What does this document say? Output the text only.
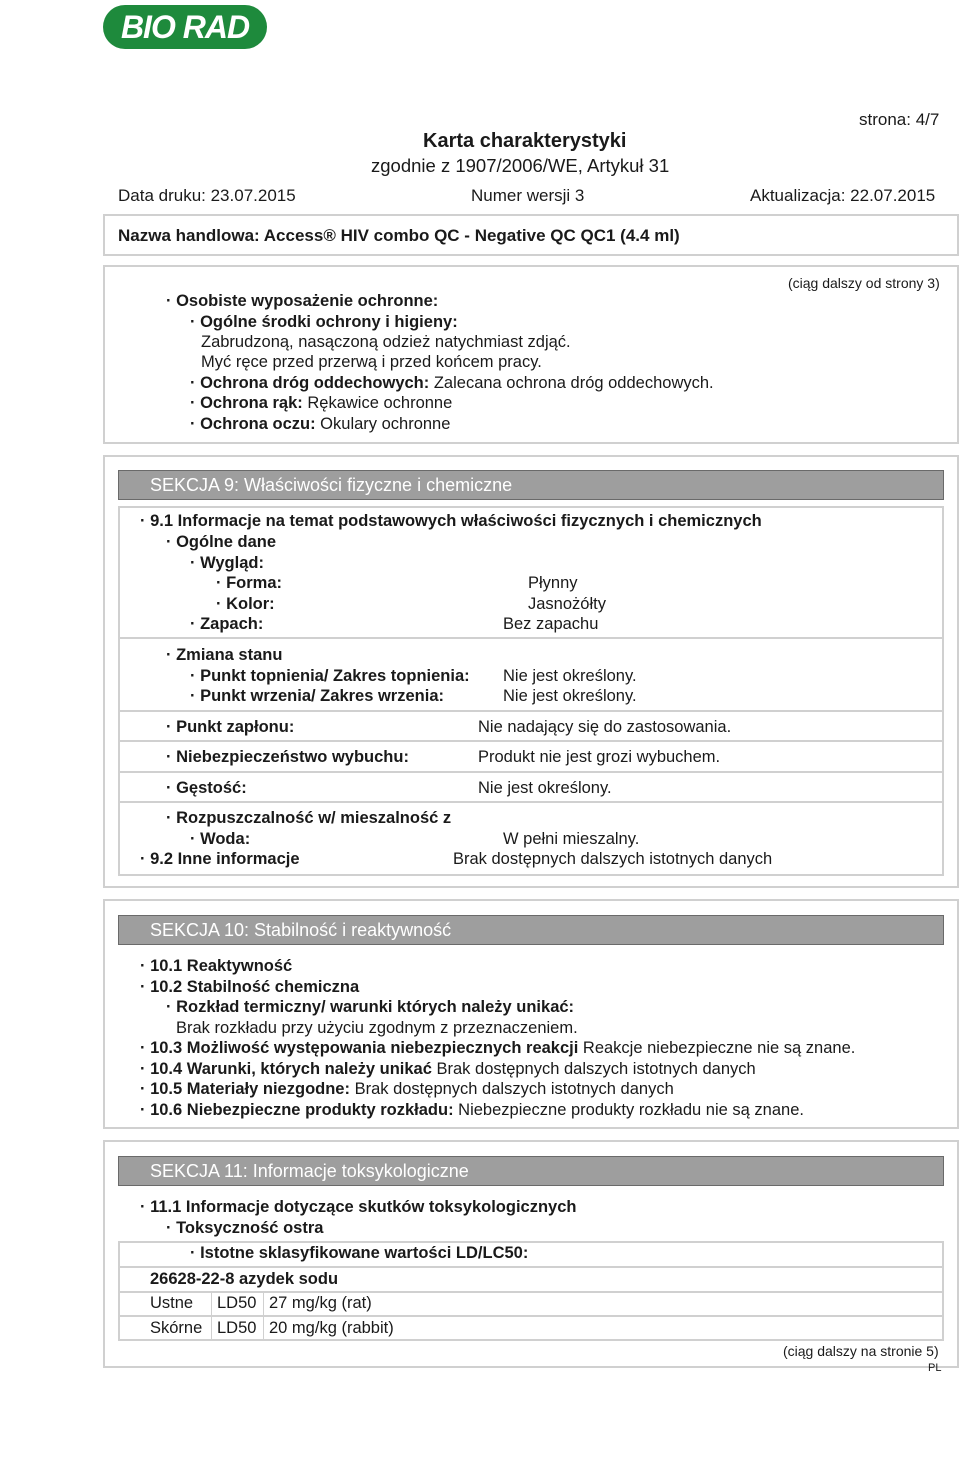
BIO RAD
strona: 4/7
Karta charakterystyki
zgodnie z 1907/2006/WE, Artykuł 31
Data druku: 23.07.2015	Numer wersji 3	Aktualizacja: 22.07.2015
Nazwa handlowa: Access® HIV combo QC - Negative QC QC1 (4.4 ml)
(ciąg dalszy od strony 3)
· Osobiste wyposażenie ochronne:
· Ogólne środki ochrony i higieny:
Zabrudzoną, nasączoną odzież natychmiast zdjąć.
Myć ręce przed przerwą i przed końcem pracy.
· Ochrona dróg oddechowych: Zalecana ochrona dróg oddechowych.
· Ochrona rąk: Rękawice ochronne
· Ochrona oczu: Okulary ochronne
SEKCJA 9: Właściwości fizyczne i chemiczne
· 9.1 Informacje na temat podstawowych właściwości fizycznych i chemicznych
· Ogólne dane
· Wygląd:
· Forma:	Płynny
· Kolor:	Jasnożółty
· Zapach:	Bez zapachu
· Zmiana stanu
· Punkt topnienia/ Zakres topnienia: Nie jest określony.
· Punkt wrzenia/ Zakres wrzenia:	Nie jest określony.
· Punkt zapłonu:	Nie nadający się do zastosowania.
· Niebezpieczeństwo wybuchu:	Produkt nie jest grozi wybuchem.
· Gęstość:	Nie jest określony.
· Rozpuszczalność w/ mieszalność z
· Woda:	W pełni mieszalny.
· 9.2 Inne informacje	Brak dostępnych dalszych istotnych danych
SEKCJA 10: Stabilność i reaktywność
· 10.1 Reaktywność
· 10.2 Stabilność chemiczna
· Rozkład termiczny/ warunki których należy unikać:
Brak rozkładu przy użyciu zgodnym z przeznaczeniem.
· 10.3 Możliwość występowania niebezpiecznych reakcji Reakcje niebezpieczne nie są znane.
· 10.4 Warunki, których należy unikać Brak dostępnych dalszych istotnych danych
· 10.5 Materiały niezgodne: Brak dostępnych dalszych istotnych danych
· 10.6 Niebezpieczne produkty rozkładu: Niebezpieczne produkty rozkładu nie są znane.
SEKCJA 11: Informacje toksykologiczne
· 11.1 Informacje dotyczące skutków toksykologicznych
· Toksyczność ostra
· Istotne sklasyfikowane wartości LD/LC50:
26628-22-8 azydek sodu
Ustne LD50 27 mg/kg (rat)
Skórne LD50 20 mg/kg (rabbit)
(ciąg dalszy na stronie 5)
PL
